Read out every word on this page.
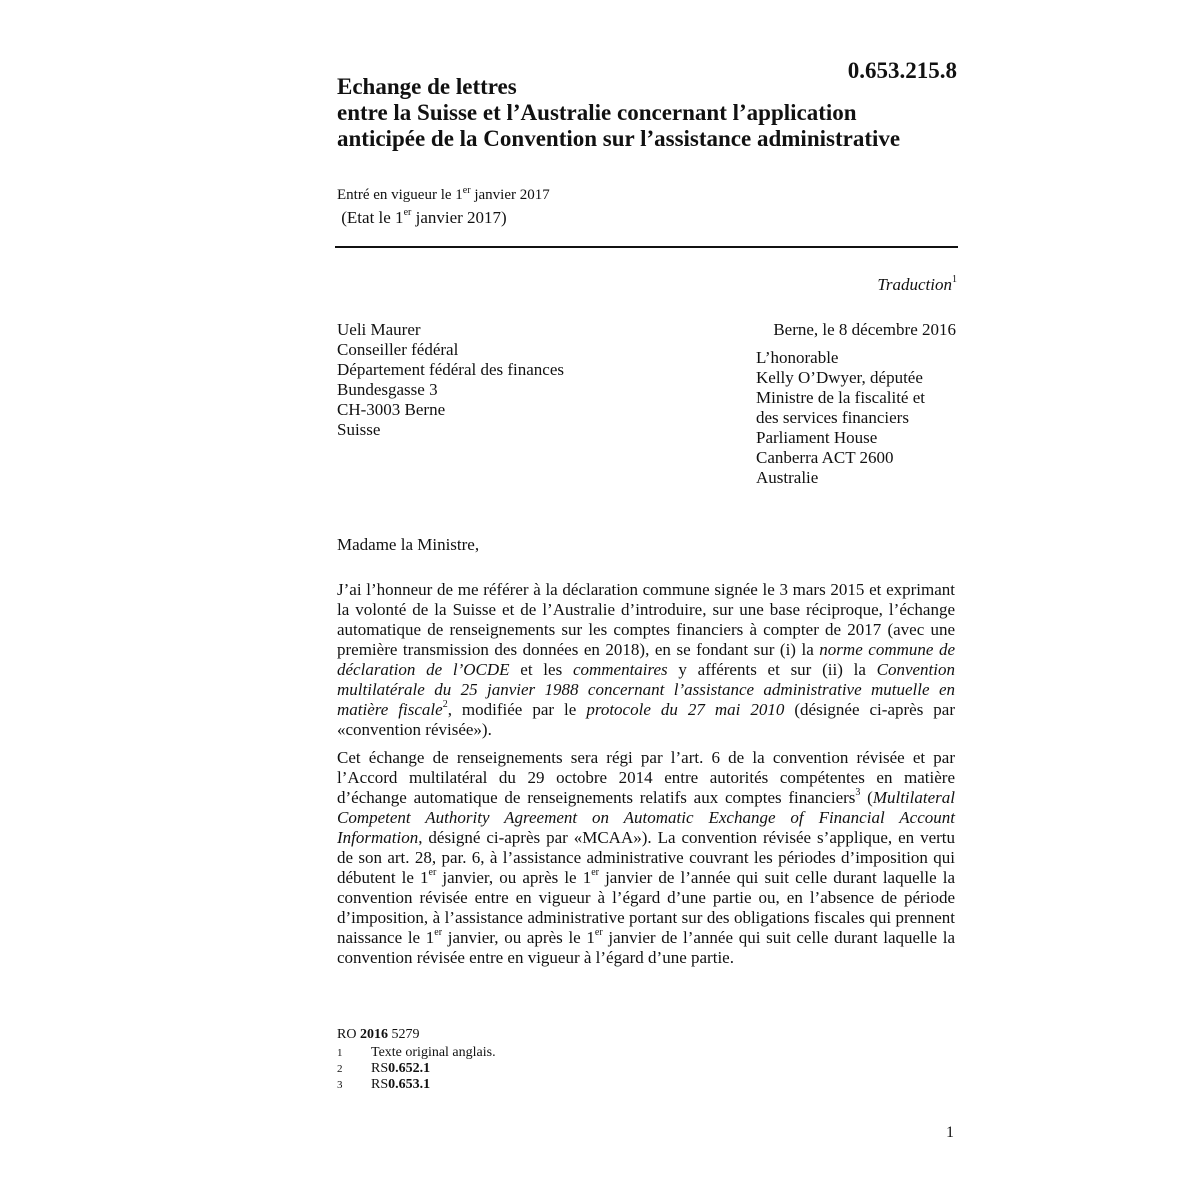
0.653.215.8
Echange de lettres
entre la Suisse et l’Australie concernant l’application
anticipée de la Convention sur l’assistance administrative
Entré en vigueur le 1er janvier 2017
(Etat le 1er janvier 2017)
Traduction$^1$
Ueli Maurer
Conseiller fédéral
Département fédéral des finances
Bundesgasse 3
CH-3003 Berne
Suisse
Berne, le 8 décembre 2016
L’honorable
Kelly O’Dwyer, députée
Ministre de la fiscalité et
des services financiers
Parliament House
Canberra ACT 2600
Australie
Madame la Ministre,

J’ai l’honneur de me référer à la déclaration commune signée le 3 mars 2015 et exprimant la volonté de la Suisse et de l’Australie d’introduire, sur une base réciproque, l’échange automatique de renseignements sur les comptes financiers à compter de 2017 (avec une première transmission des données en 2018), en se fondant sur (i) la norme commune de déclaration de l’OCDE et les commentaires y afférents et sur (ii) la Convention multilatérale du 25 janvier 1988 concernant l’assistance administrative mutuelle en matière fiscale$^2$, modifiée par le protocole du 27 mai 2010 (désignée ci-après par «convention révisée»).

Cet échange de renseignements sera régi par l’art. 6 de la convention révisée et par l’Accord multilatéral du 29 octobre 2014 entre autorités compétentes en matière d’échange automatique de renseignements relatifs aux comptes financiers$^3$ (Multilateral Competent Authority Agreement on Automatic Exchange of Financial Account Information, désigné ci-après par «MCAA»). La convention révisée s’applique, en vertu de son art. 28, par. 6, à l’assistance administrative couvrant les périodes d’imposition qui débutent le 1er janvier, ou après le 1er janvier de l’année qui suit celle durant laquelle la convention révisée entre en vigueur à l’égard d’une partie ou, en l’absence de période d’imposition, à l’assistance administrative portant sur des obligations fiscales qui prennent naissance le 1er janvier, ou après le 1er janvier de l’année qui suit celle durant laquelle la convention révisée entre en vigueur à l’égard d’une partie.

RO 2016 5279
1	Texte original anglais.
2	RS 0.652.1
3	RS 0.653.1
1
